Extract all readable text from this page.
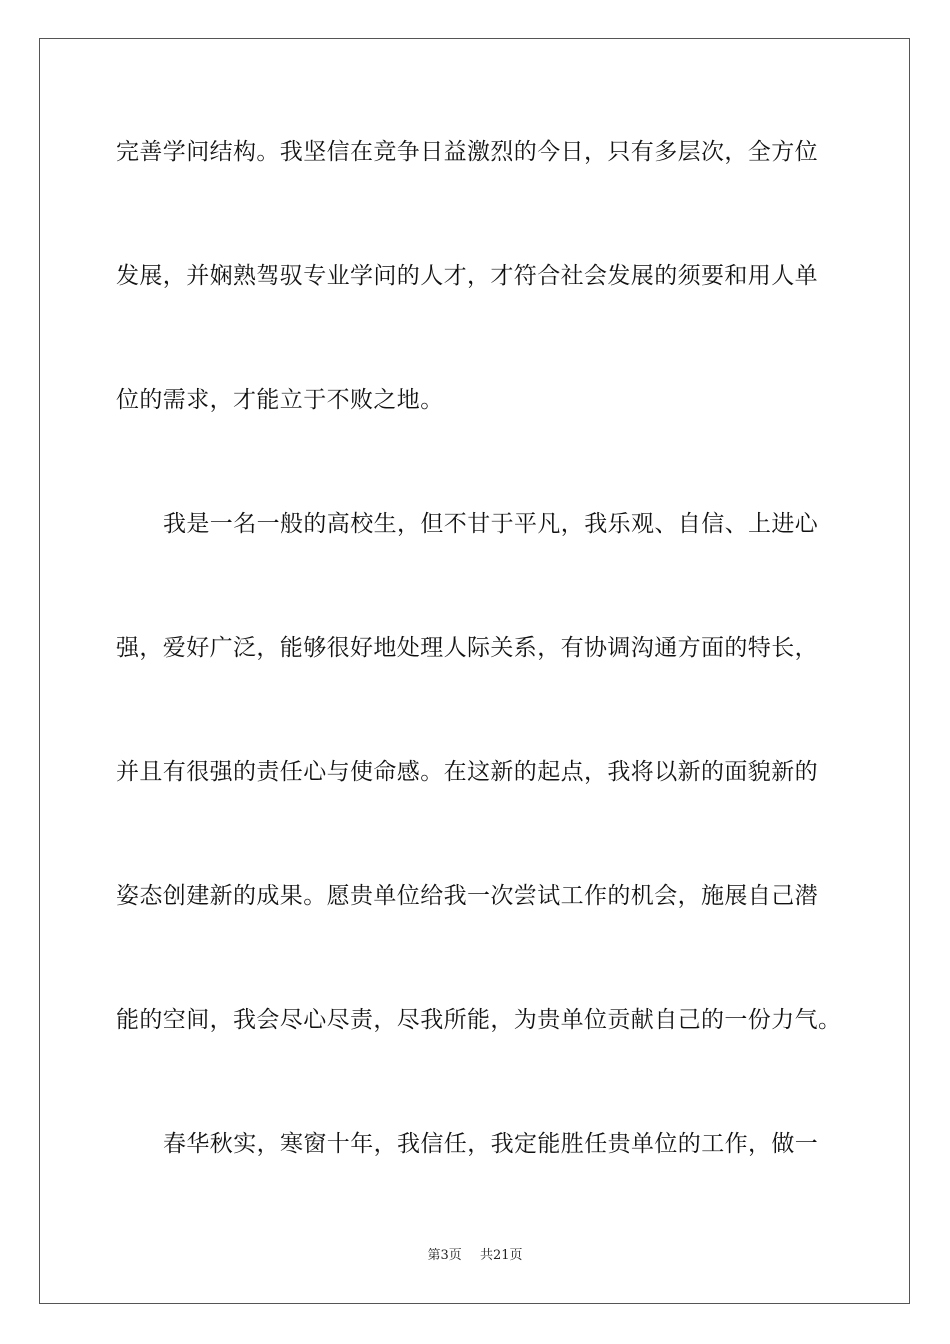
完善学问结构。我坚信在竞争日益激烈的今日，只有多层次，全方位
发展，并娴熟驾驭专业学问的人才，才符合社会发展的须要和用人单
位的需求，才能立于不败之地。
我是一名一般的高校生，但不甘于平凡，我乐观、自信、上进心
强，爱好广泛，能够很好地处理人际关系，有协调沟通方面的特长，
并且有很强的责任心与使命感。在这新的起点，我将以新的面貌新的
姿态创建新的成果。愿贵单位给我一次尝试工作的机会，施展自己潜
能的空间，我会尽心尽责，尽我所能，为贵单位贡献自己的一份力气。
春华秋实，寒窗十年，我信任，我定能胜任贵单位的工作，做一
第3页 共21页
